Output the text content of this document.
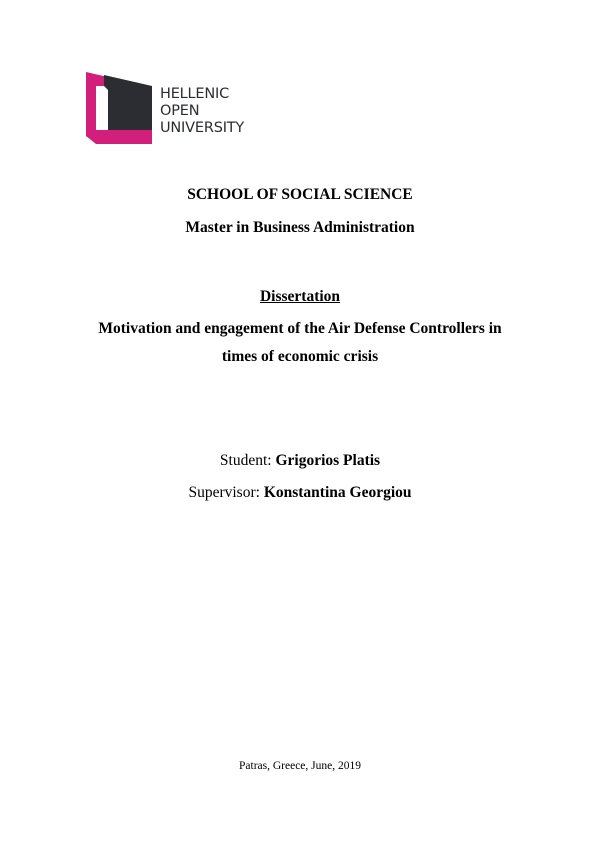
HELLENIC
OPEN
UNIVERSITY
SCHOOL OF SOCIAL SCIENCE
Master in Business Administration
Dissertation
Motivation and engagement of the Air Defense Controllers in
times of economic crisis
Student: Grigorios Platis
Supervisor: Konstantina Georgiou
Patras, Greece, June, 2019
